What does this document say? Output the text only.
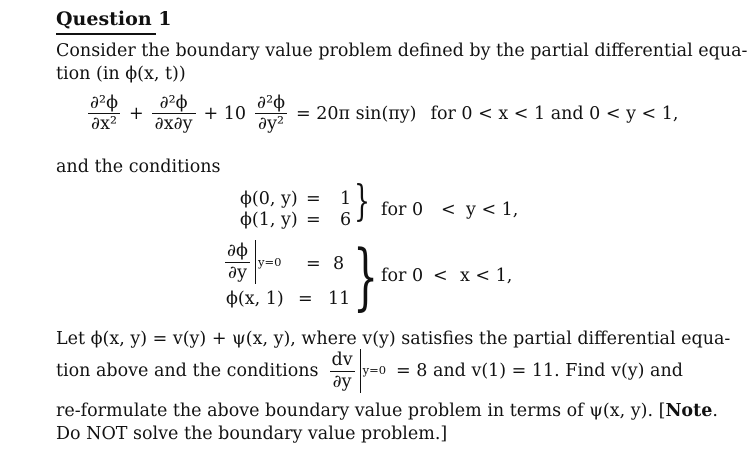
Question 1
Consider the boundary value problem defined by the partial differential equa-
tion (in ϕ(x, t))
$\frac{\text{∂²ϕ}}{\text{∂x²}} + \frac{\text{∂²ϕ}}{\partial x\partial y} + 10 \frac{\text{∂²ϕ}}{\text{∂y²}} = 20\pi$ sin(πy) for 0 < x < 1 and 0 < y < 1,
and the conditions
ϕ(0, y) = 1
ϕ(1, y) = 6 } for 0 < y < 1,
$\frac{\partial\phi}{\partial y} y=0 = 8$
ϕ(x, 1) = 11 } for 0 < x < 1,
Let ϕ(x, y) = v(y) + ψ(x, y), where v(y) satisfies the partial differential equa-
tion above and the conditions $\frac{dv}{\partial y} y=0 = 8$ and v(1) = 11. Find v(y) and
re-formulate the above boundary value problem in terms of ψ(x, y). [Note.
Do NOT solve the boundary value problem.]
